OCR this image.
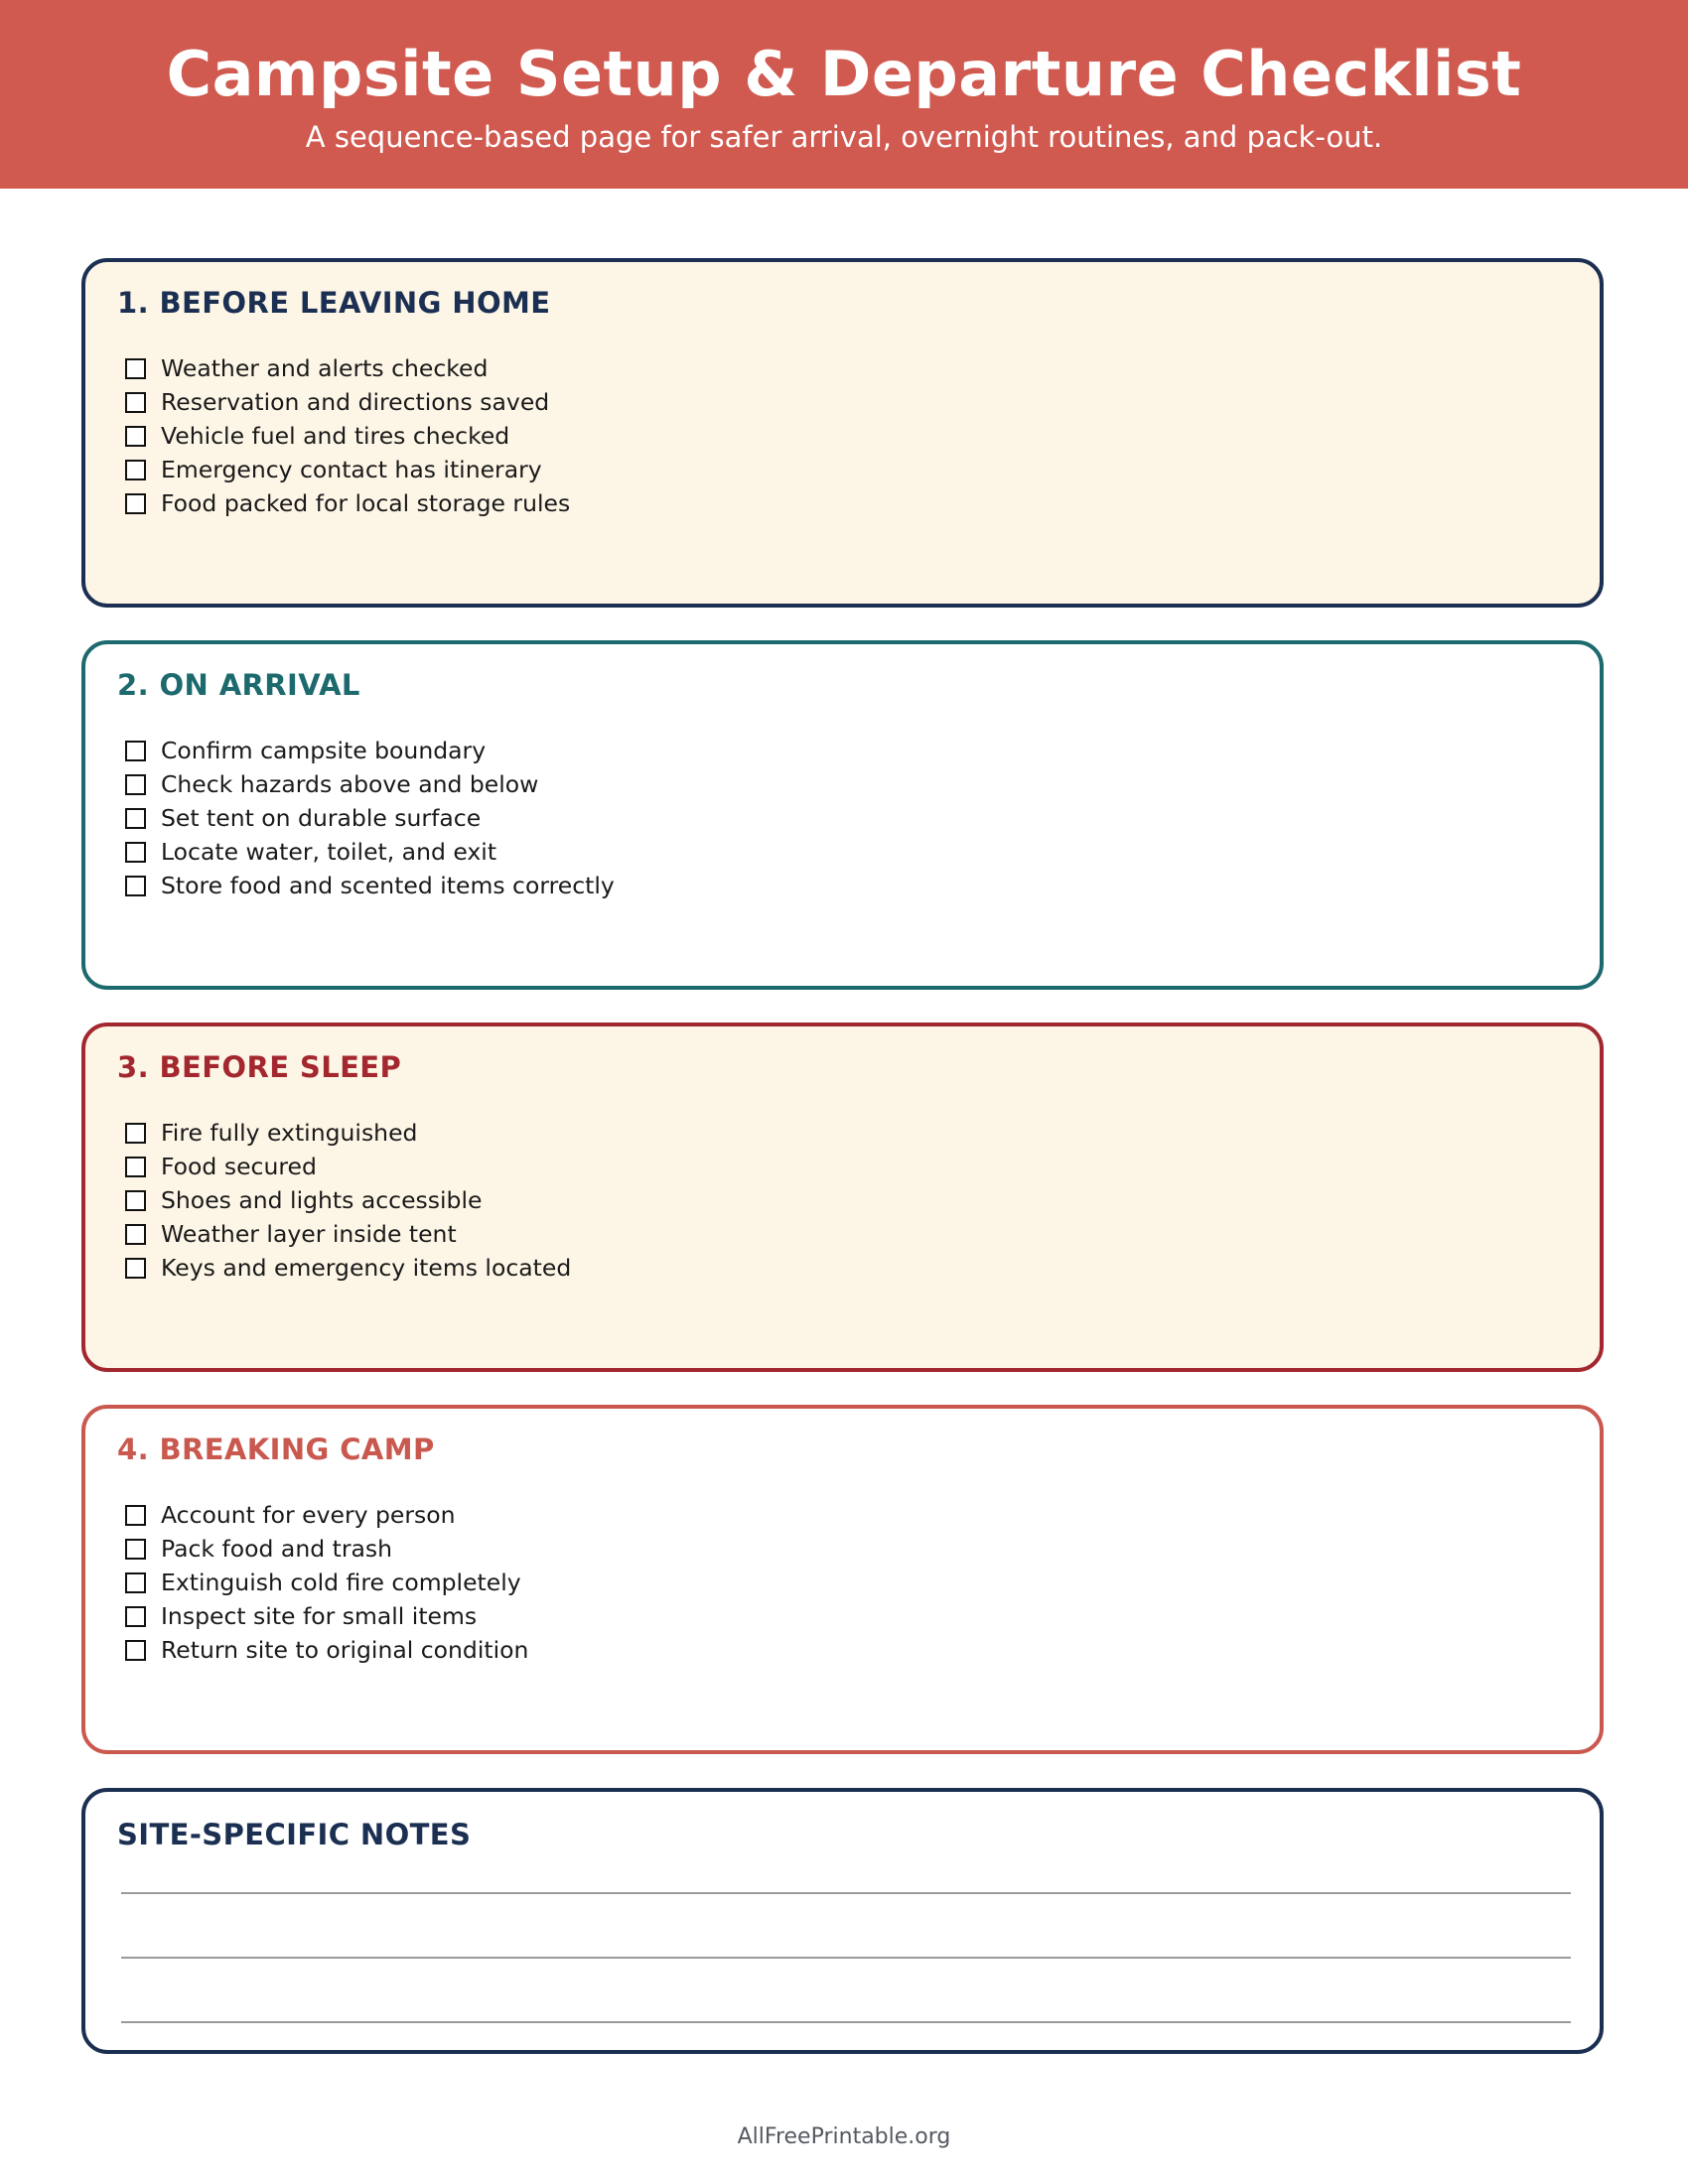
Campsite Setup & Departure Checklist
A sequence-based page for safer arrival, overnight routines, and pack-out.
1. BEFORE LEAVING HOME
Weather and alerts checked
Reservation and directions saved
Vehicle fuel and tires checked
Emergency contact has itinerary
Food packed for local storage rules
2. ON ARRIVAL
Confirm campsite boundary
Check hazards above and below
Set tent on durable surface
Locate water, toilet, and exit
Store food and scented items correctly
3. BEFORE SLEEP
Fire fully extinguished
Food secured
Shoes and lights accessible
Weather layer inside tent
Keys and emergency items located
4. BREAKING CAMP
Account for every person
Pack food and trash
Extinguish cold fire completely
Inspect site for small items
Return site to original condition
SITE-SPECIFIC NOTES
AllFreePrintable.org
